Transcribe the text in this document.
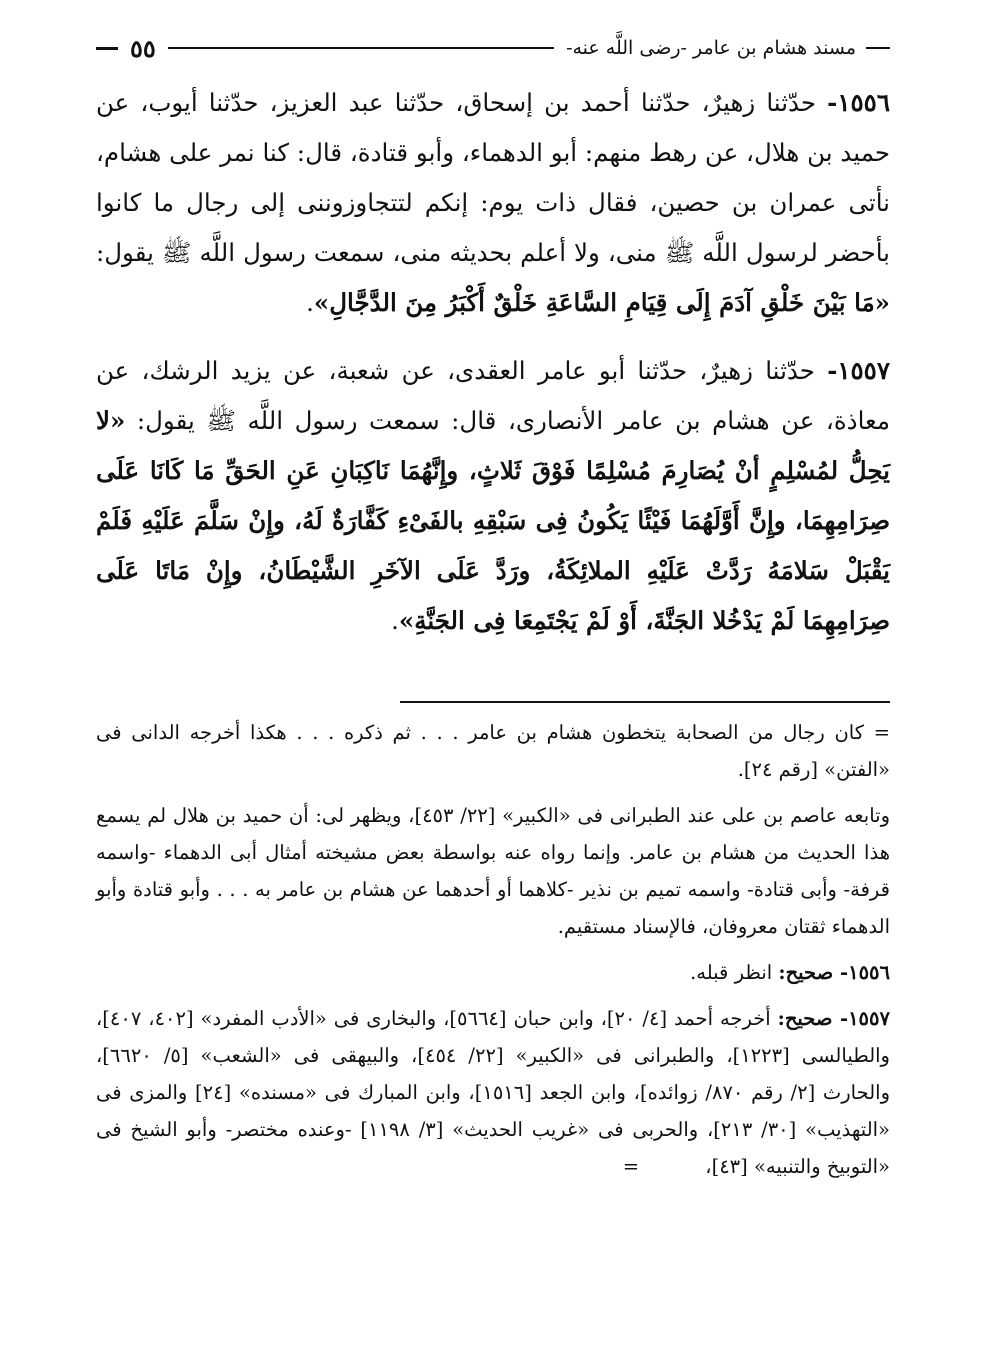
مسند هشام بن عامر -رضى اللَّه عنه-
٥٥
١٥٥٦- حدّثنا زهيرٌ، حدّثنا أحمد بن إسحاق، حدّثنا عبد العزيز، حدّثنا أيوب، عن حميد بن هلال، عن رهط منهم: أبو الدهماء، وأبو قتادة، قال: كنا نمر على هشام، نأتى عمران بن حصين، فقال ذات يوم: إنكم لتتجاوزوننى إلى رجال ما كانوا بأحضر لرسول اللَّه ﷺ منى، ولا أعلم بحديثه منى، سمعت رسول اللَّه ﷺ يقول: «مَا بَيْنَ خَلْقِ آدَمَ إِلَى قِيَامِ السَّاعَةِ خَلْقٌ أَكْبَرُ مِنَ الدَّجَّالِ».
١٥٥٧- حدّثنا زهيرٌ، حدّثنا أبو عامر العقدى، عن شعبة، عن يزيد الرشك، عن معاذة، عن هشام بن عامر الأنصارى، قال: سمعت رسول اللَّه ﷺ يقول: «لا يَحِلُّ لمُسْلِمٍ أنْ يُصَارِمَ مُسْلِمًا فَوْقَ ثَلاثٍ، وإِنَّهُمَا نَاكِبَانِ عَنِ الحَقِّ مَا كَانَا عَلَى صِرَامِهِمَا، وإِنَّ أَوَّلَهُمَا فَيْئًا يَكُونُ فِى سَبْقِهِ بالفَىْءِ كَفَّارَةٌ لَهُ، وإِنْ سَلَّمَ عَلَيْهِ فَلَمْ يَقْبَلْ سَلامَهُ رَدَّتْ عَلَيْهِ الملائِكَةُ، ورَدَّ عَلَى الآخَرِ الشَّيْطَانُ، وإِنْ مَاتَا عَلَى صِرَامِهِمَا لَمْ يَدْخُلا الجَنَّةَ، أَوْ لَمْ يَجْتَمِعَا فِى الجَنَّةِ».

= كان رجال من الصحابة يتخطون هشام بن عامر . . . ثم ذكره . . . هكذا أخرجه الدانى فى «الفتن» [رقم ٢٤].

وتابعه عاصم بن على عند الطبرانى فى «الكبير» [٢٢/ ٤٥٣]، ويظهر لى: أن حميد بن هلال لم يسمع هذا الحديث من هشام بن عامر. وإنما رواه عنه بواسطة بعض مشيخته أمثال أبى الدهماء -واسمه قرفة- وأبى قتادة- واسمه تميم بن نذير -كلاهما أو أحدهما عن هشام بن عامر به . . . وأبو قتادة وأبو الدهماء ثقتان معروفان، فالإسناد مستقيم.

١٥٥٦- صحيح: انظر قبله.

١٥٥٧- صحيح: أخرجه أحمد [٤/ ٢٠]، وابن حبان [٥٦٦٤]، والبخارى فى «الأدب المفرد» [٤٠٢، ٤٠٧]، والطيالسى [١٢٢٣]، والطبرانى فى «الكبير» [٢٢/ ٤٥٤]، والبيهقى فى «الشعب» [٥/ ٦٦٢٠]، والحارث [٢/ رقم ٨٧٠/ زوائده]، وابن الجعد [١٥١٦]، وابن المبارك فى «مسنده» [٢٤] والمزى فى «التهذيب» [٣٠/ ٢١٣]، والحربى فى «غريب الحديث» [٣/ ١١٩٨] -وعنده مختصر- وأبو الشيخ فى «التوبيخ والتنبيه» [٤٣]، =
